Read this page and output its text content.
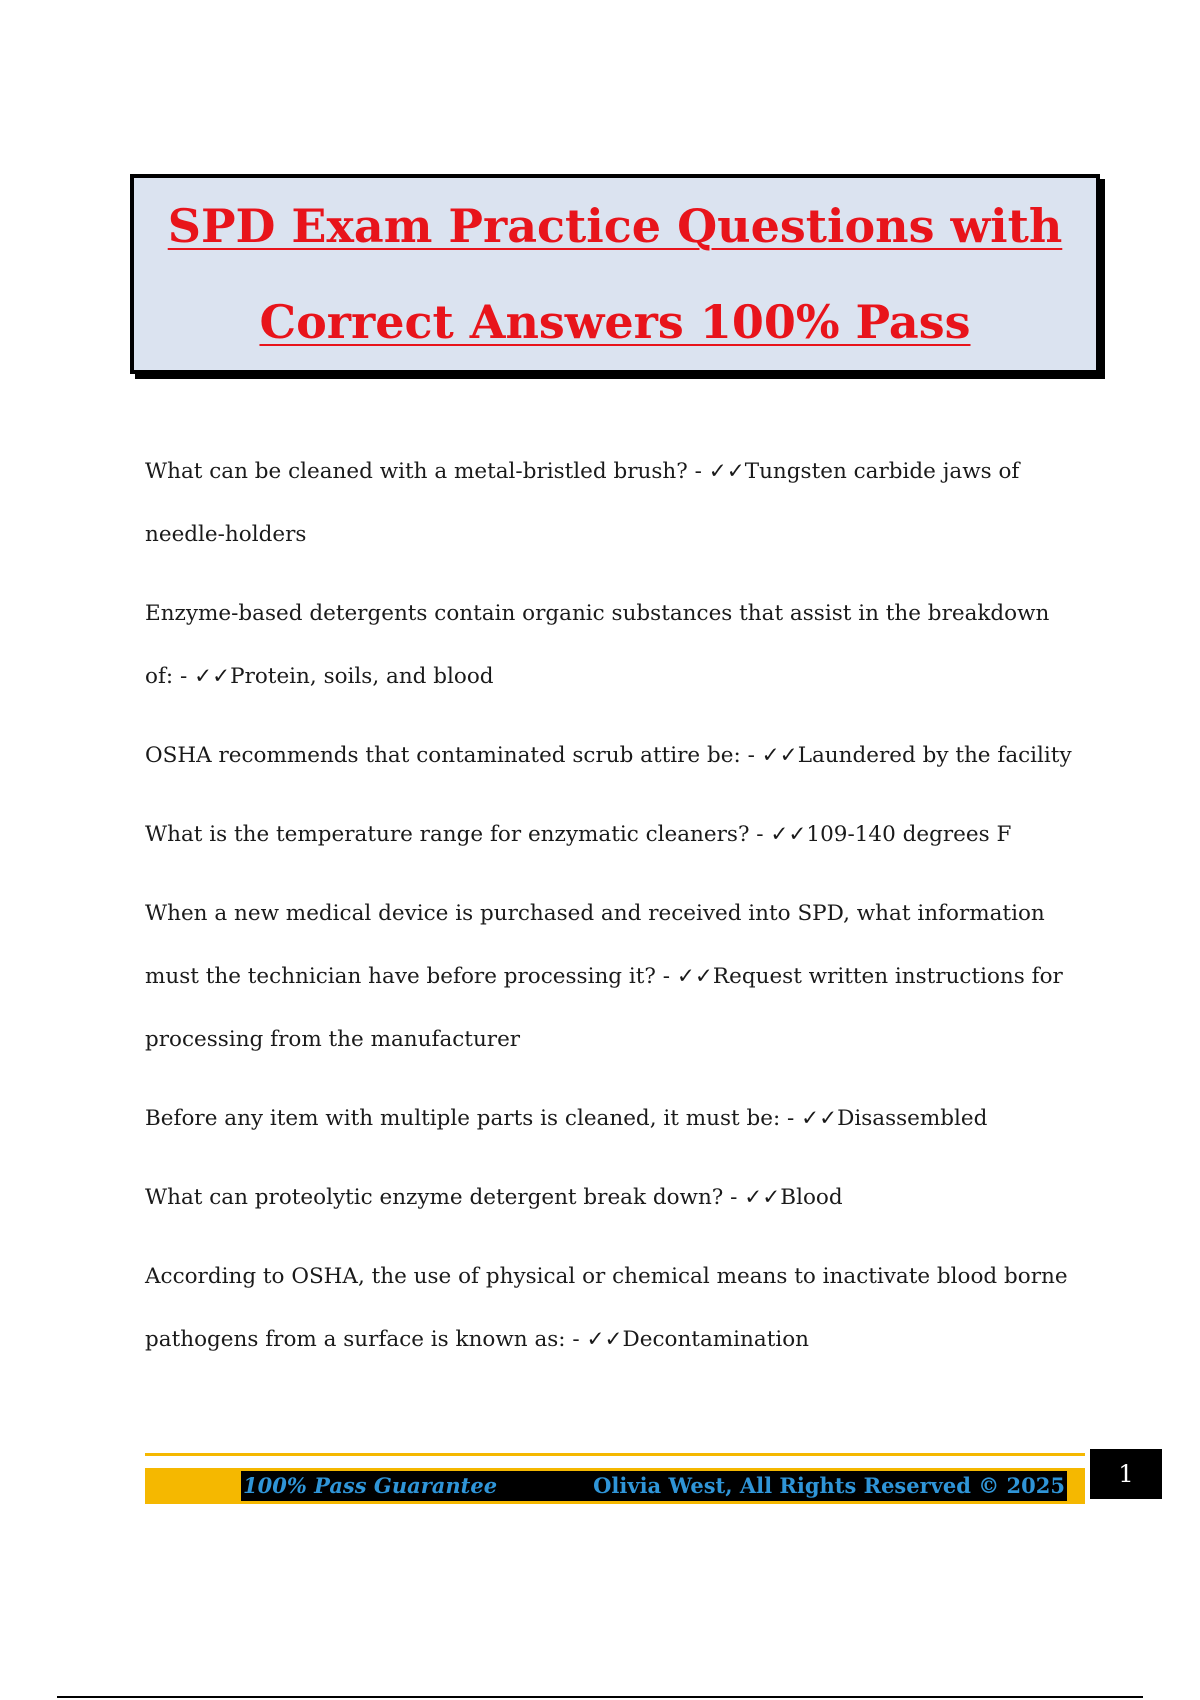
SPD Exam Practice Questions with
Correct Answers 100% Pass

What can be cleaned with a metal-bristled brush? - ✓✓Tungsten carbide jaws of needle-holders

Enzyme-based detergents contain organic substances that assist in the breakdown of: - ✓✓Protein, soils, and blood

OSHA recommends that contaminated scrub attire be: - ✓✓Laundered by the facility

What is the temperature range for enzymatic cleaners? - ✓✓109-140 degrees F

When a new medical device is purchased and received into SPD, what information must the technician have before processing it? - ✓✓Request written instructions for processing from the manufacturer

Before any item with multiple parts is cleaned, it must be: - ✓✓Disassembled

What can proteolytic enzyme detergent break down? - ✓✓Blood

According to OSHA, the use of physical or chemical means to inactivate blood borne pathogens from a surface is known as: - ✓✓Decontamination

100% Pass Guarantee	Olivia West, All Rights Reserved © 2025	1
